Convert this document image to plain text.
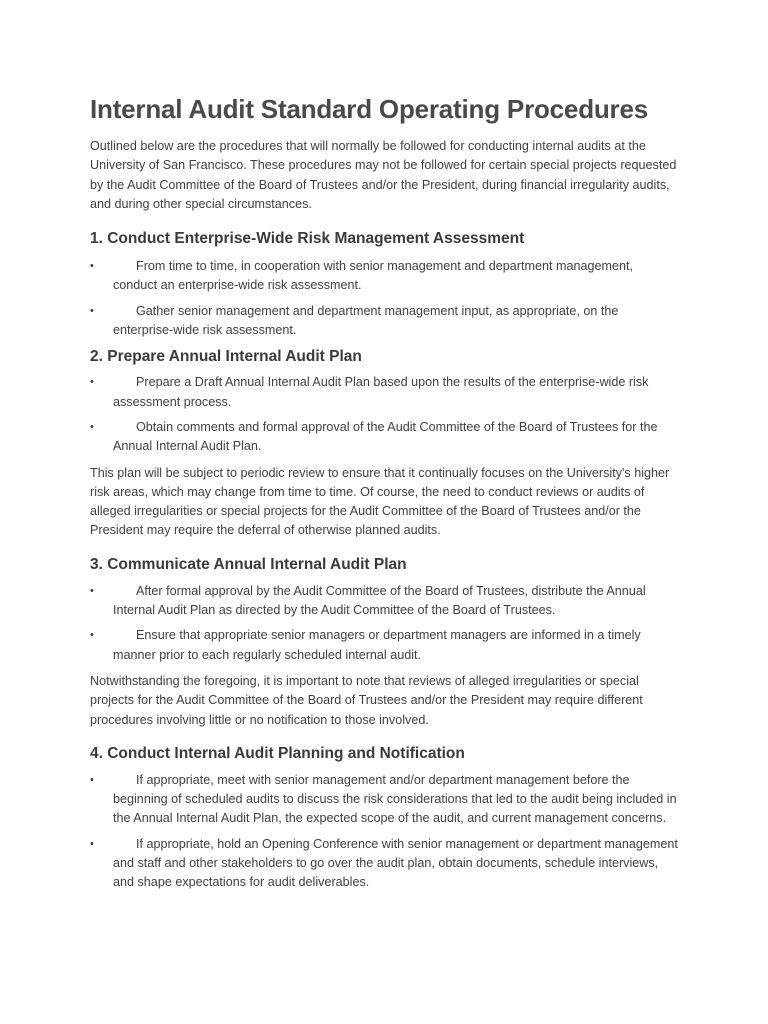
Internal Audit Standard Operating Procedures

Outlined below are the procedures that will normally be followed for conducting internal audits at the University of San Francisco. These procedures may not be followed for certain special projects requested by the Audit Committee of the Board of Trustees and/or the President, during financial irregularity audits, and during other special circumstances.

1. Conduct Enterprise-Wide Risk Management Assessment
•	From time to time, in cooperation with senior management and department management, conduct an enterprise-wide risk assessment.
•	Gather senior management and department management input, as appropriate, on the enterprise-wide risk assessment.
2. Prepare Annual Internal Audit Plan
•	Prepare a Draft Annual Internal Audit Plan based upon the results of the enterprise-wide risk assessment process.
•	Obtain comments and formal approval of the Audit Committee of the Board of Trustees for the Annual Internal Audit Plan.

This plan will be subject to periodic review to ensure that it continually focuses on the University's higher risk areas, which may change from time to time. Of course, the need to conduct reviews or audits of alleged irregularities or special projects for the Audit Committee of the Board of Trustees and/or the President may require the deferral of otherwise planned audits.

3. Communicate Annual Internal Audit Plan
•	After formal approval by the Audit Committee of the Board of Trustees, distribute the Annual Internal Audit Plan as directed by the Audit Committee of the Board of Trustees.
•	Ensure that appropriate senior managers or department managers are informed in a timely manner prior to each regularly scheduled internal audit.

Notwithstanding the foregoing, it is important to note that reviews of alleged irregularities or special projects for the Audit Committee of the Board of Trustees and/or the President may require different procedures involving little or no notification to those involved.

4. Conduct Internal Audit Planning and Notification
•	If appropriate, meet with senior management and/or department management before the beginning of scheduled audits to discuss the risk considerations that led to the audit being included in the Annual Internal Audit Plan, the expected scope of the audit, and current management concerns.
•	If appropriate, hold an Opening Conference with senior management or department management and staff and other stakeholders to go over the audit plan, obtain documents, schedule interviews, and shape expectations for audit deliverables.
